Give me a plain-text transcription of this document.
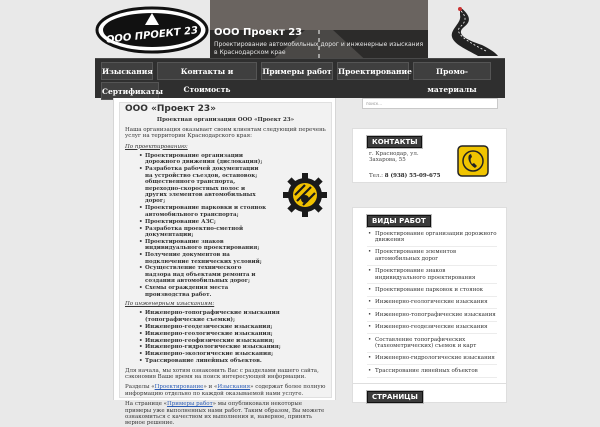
ООО ПРОЕКТ 23 ООО Проект 23
Проектирование автомобильных дорог и инженерные изыскания в Краснодарском крае
Изыскания	Контакты и Стоимость
Примеры работ Проектирование	Промо-материалы
Сертификаты
ООО «Проект 23»
Проектная организация ООО «Проект 23»
Наша организация оказывает своим клиентам следующий перечень услуг на территории Краснодарского края:
По проектированию:
• Проектирование организации дорожного движения (дислокация);
• Разработка рабочей документации на устройство съездов, остановок; общественного транспорта, переходно-скоростных полос и других элементов автомобильных дорог;
• Проектирование парковки и стоянок автомобильного транспорта;
• Проектирование АЗС;
• Разработка проектно-сметной документации;
• Проектирование знаков индивидуального проектирования;
• Получение документов на подключение технических условий;
• Осуществление технического надзора над объектами ремонта и создания автомобильных дорог;
• Схемы ограждения места производства работ.
По инженерным изысканиям:
• Инженерно-топографические изыскания (топографические съемки);
• Инженерно-геодезические изыскания;
• Инженерно-геологические изыскания;
• Инженерно-геофизические изыскания;
• Инженерно-гидрологические изыскания;
• Инженерно-экологические изыскания;
• Трассирование линейных объектов.
Для начала, мы хотим ознакомить Вас с разделами нашего сайта, сэкономив Ваше время на поиск интересующей информации.
Разделы «Проектирование» и «Изыскания» содержат более полную информацию отдельно по каждой оказываемой нами услуге.
На странице «Примеры работ» мы опубликовали некоторые примеры уже выполненных нами работ. Таким образом, Вы можете ознакомиться с качеством их выполнения и, наверное, принять верное решение.
поиск...
КОНТАКТЫ
г. Краснодар, ул. Захарова, 55
Тел.: 8 (938) 55-09-675
ВИДЫ РАБОТ
• Проектирование организации дорожного движения
• Проектирование элементов автомобильных дорог
• Проектирование знаков индивидуального проектирования
• Проектирование парковок и стоянок
• Инженерно-геологические изыскания
• Инженерно-топографические изыскания
• Инженерно-геодезические изыскания
• Составление топографических (тахеометрических) съемок и карт
• Инженерно-гидрологические изыскания
• Трассирование линейных объектов
СТРАНИЦЫ
